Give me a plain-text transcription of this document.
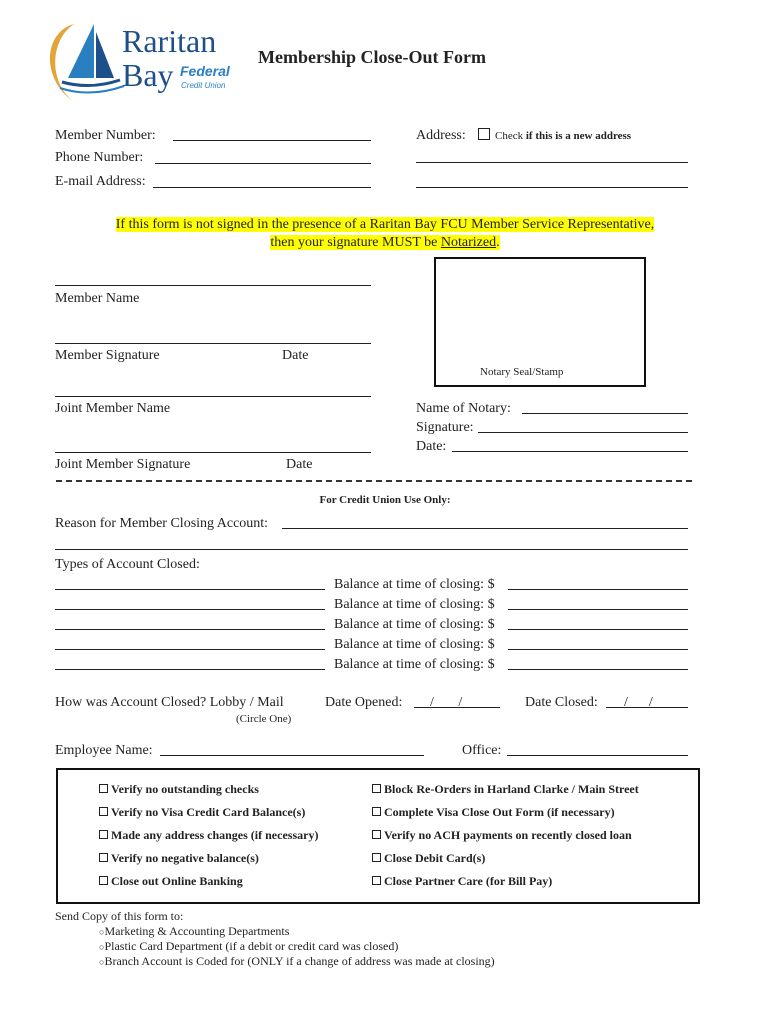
Raritan
Bay Federal
Credit Union
Membership Close-Out Form
Member Number:
Phone Number:
E-mail Address:
Address:	Check if this is a new address
If this form is not signed in the presence of a Raritan Bay FCU Member Service Representative,
then your signature MUST be Notarized.
Member Name
Member Signature	Date
Joint Member Name
Joint Member Signature	Date
Notary Seal/Stamp
Name of Notary:
Signature:
Date:
For Credit Union Use Only:
Reason for Member Closing Account:
Types of Account Closed:
Balance at time of closing: $
Balance at time of closing: $
Balance at time of closing: $
Balance at time of closing: $
Balance at time of closing: $
How was Account Closed? Lobby / Mail
(Circle One)
Date Opened: /       /	Date Closed: /      /
Employee Name:	Office:
Verify no outstanding checks
Verify no Visa Credit Card Balance(s)
Made any address changes (if necessary)
Verify no negative balance(s)
Close out Online Banking
Block Re-Orders in Harland Clarke / Main Street
Complete Visa Close Out Form (if necessary)
Verify no ACH payments on recently closed loan
Close Debit Card(s)
Close Partner Care (for Bill Pay)
Send Copy of this form to:
○Marketing & Accounting Departments
○Plastic Card Department (if a debit or credit card was closed)
○Branch Account is Coded for (ONLY if a change of address was made at closing)
